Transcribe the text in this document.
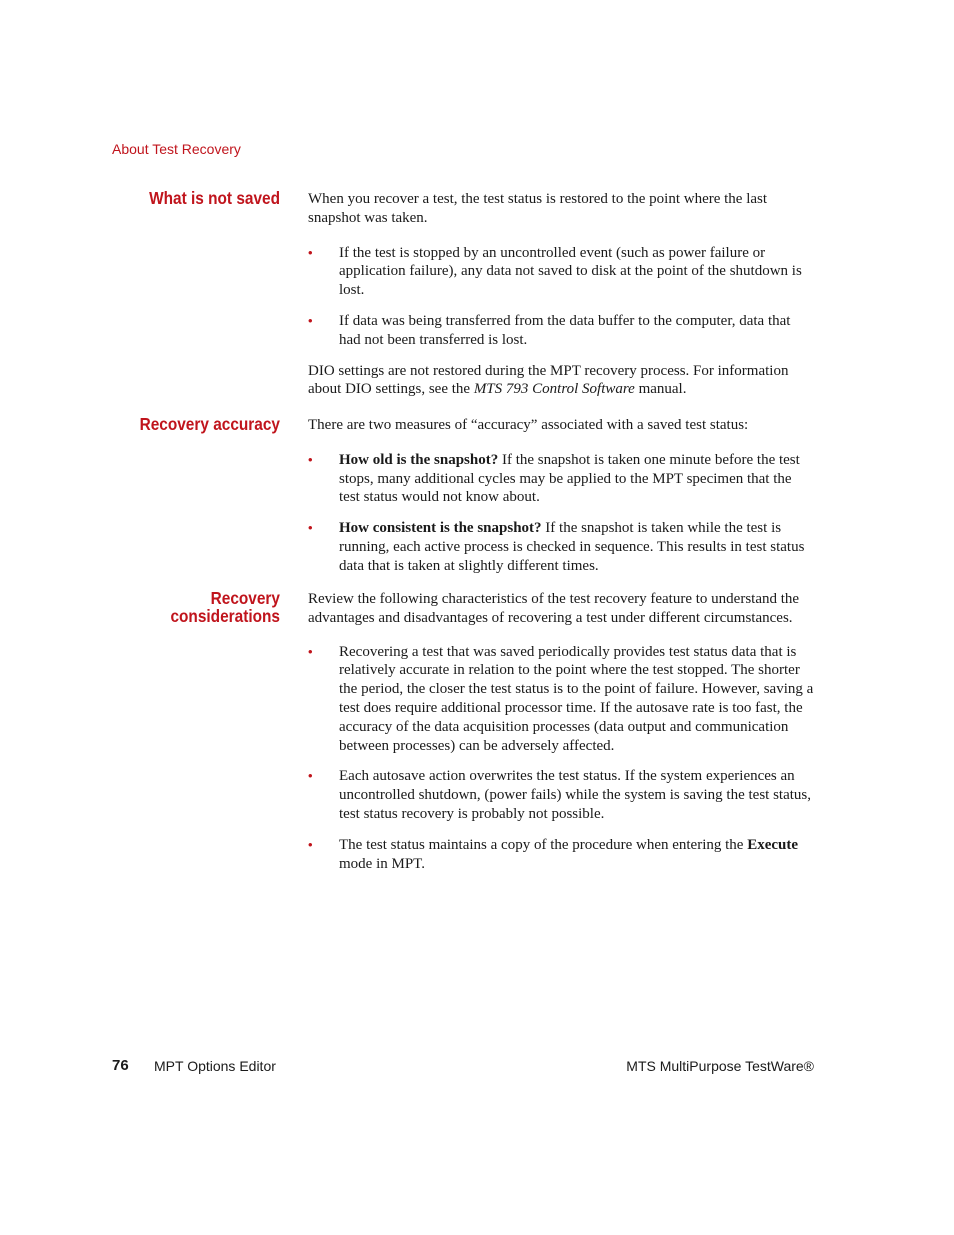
About Test Recovery
What is not saved When you recover a test, the test status is restored to the point where the last snapshot was taken.

• If the test is stopped by an uncontrolled event (such as power failure or application failure), any data not saved to disk at the point of the shutdown is lost.
• If data was being transferred from the data buffer to the computer, data that had not been transferred is lost.

DIO settings are not restored during the MPT recovery process. For information about DIO settings, see the MTS 793 Control Software manual.

Recovery accuracy There are two measures of “accuracy” associated with a saved test status:

• How old is the snapshot? If the snapshot is taken one minute before the test stops, many additional cycles may be applied to the MPT specimen that the test status would not know about.
• How consistent is the snapshot? If the snapshot is taken while the test is running, each active process is checked in sequence. This results in test status data that is taken at slightly different times.
Recovery
considerations

Review the following characteristics of the test recovery feature to understand the advantages and disadvantages of recovering a test under different circumstances.

• Recovering a test that was saved periodically provides test status data that is relatively accurate in relation to the point where the test stopped. The shorter the period, the closer the test status is to the point of failure. However, saving a test does require additional processor time. If the autosave rate is too fast, the accuracy of the data acquisition processes (data output and communication between processes) can be adversely affected.
• Each autosave action overwrites the test status. If the system experiences an uncontrolled shutdown, (power fails) while the system is saving the test status, test status recovery is probably not possible.
• The test status maintains a copy of the procedure when entering the Execute mode in MPT.
76 MPT Options Editor	MTS MultiPurpose TestWare®
